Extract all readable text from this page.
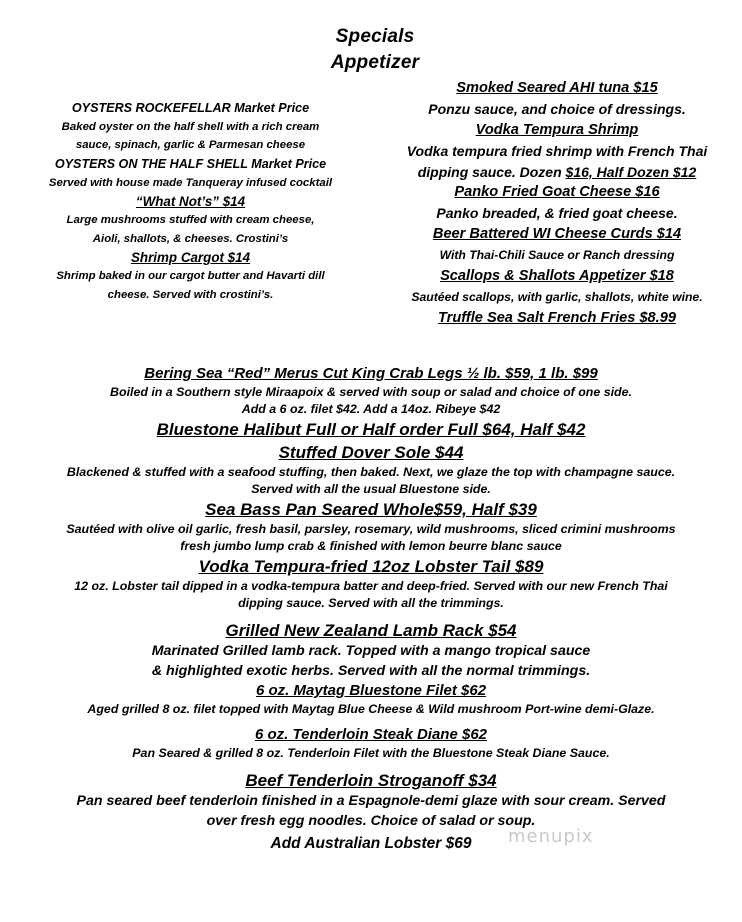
Specials
Appetizer
OYSTERS ROCKEFELLAR Market Price
Baked oyster on the half shell with a rich cream
sauce, spinach, garlic & Parmesan cheese
OYSTERS ON THE HALF SHELL Market Price
Served with house made Tanqueray infused cocktail
“What Not’s” $14
Large mushrooms stuffed with cream cheese,
Aioli, shallots, & cheeses. Crostini’s
Shrimp Cargot $14
Shrimp baked in our cargot butter and Havarti dill
cheese. Served with crostini’s.
Smoked Seared AHI tuna $15
Ponzu sauce, and choice of dressings.
Vodka Tempura Shrimp
Vodka tempura fried shrimp with French Thai
dipping sauce. Dozen $16, Half Dozen $12
Panko Fried Goat Cheese $16
Panko breaded, & fried goat cheese.
Beer Battered WI Cheese Curds $14
With Thai-Chili Sauce or Ranch dressing
Scallops & Shallots Appetizer $18
Sautéed scallops, with garlic, shallots, white wine.
Truffle Sea Salt French Fries $8.99
Bering Sea “Red” Merus Cut King Crab Legs ½ lb. $59, 1 lb. $99
Boiled in a Southern style Miraapoix & served with soup or salad and choice of one side.
Add a 6 oz. filet $42. Add a 14oz. Ribeye $42
Bluestone Halibut Full or Half order Full $64, Half $42
Stuffed Dover Sole $44
Blackened & stuffed with a seafood stuffing, then baked. Next, we glaze the top with champagne sauce.
Served with all the usual Bluestone side.
Sea Bass Pan Seared Whole$59, Half $39
Sautéed with olive oil garlic, fresh basil, parsley, rosemary, wild mushrooms, sliced crimini mushrooms
fresh jumbo lump crab & finished with lemon beurre blanc sauce
Vodka Tempura-fried 12oz Lobster Tail $89
12 oz. Lobster tail dipped in a vodka-tempura batter and deep-fried. Served with our new French Thai
dipping sauce. Served with all the trimmings.
Grilled New Zealand Lamb Rack $54
Marinated Grilled lamb rack. Topped with a mango tropical sauce
& highlighted exotic herbs. Served with all the normal trimmings.
6 oz. Maytag Bluestone Filet $62
Aged grilled 8 oz. filet topped with Maytag Blue Cheese & Wild mushroom Port-wine demi-Glaze.
6 oz. Tenderloin Steak Diane $62
Pan Seared & grilled 8 oz. Tenderloin Filet with the Bluestone Steak Diane Sauce.
Beef Tenderloin Stroganoff $34
Pan seared beef tenderloin finished in a Espagnole-demi glaze with sour cream. Served
over fresh egg noodles. Choice of salad or soup.
Add Australian Lobster $69	menupix
